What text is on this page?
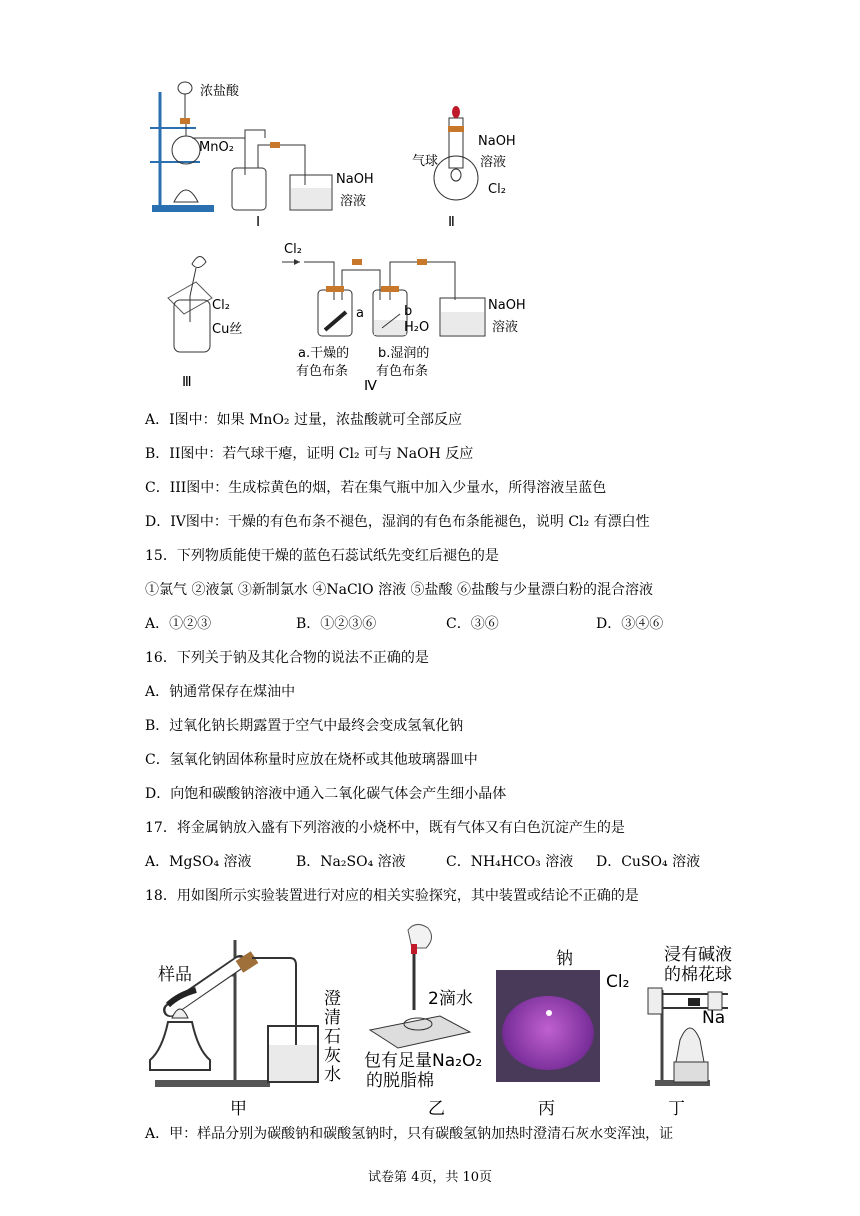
浓盐酸
MnO₂
NaOH
溶液
Ⅰ
气球
NaOH
溶液
Cl₂
Ⅱ
Cl₂
Cu丝
Ⅲ
Cl₂
a	b
H₂O
NaOH
溶液
a.干燥的
有色布条
b.湿润的
有色布条
Ⅳ
A．I图中：如果 MnO₂ 过量，浓盐酸就可全部反应
B．II图中：若气球干瘪，证明 Cl₂ 可与 NaOH 反应
C．III图中：生成棕黄色的烟，若在集气瓶中加入少量水，所得溶液呈蓝色
D．IV图中：干燥的有色布条不褪色，湿润的有色布条能褪色，说明 Cl₂ 有漂白性
15．下列物质能使干燥的蓝色石蕊试纸先变红后褪色的是
①氯气 ②液氯 ③新制氯水 ④NaClO 溶液 ⑤盐酸 ⑥盐酸与少量漂白粉的混合溶液
A．①②③	B．①②③⑥	C．③⑥	D．③④⑥
16．下列关于钠及其化合物的说法不正确的是
A．钠通常保存在煤油中
B．过氧化钠长期露置于空气中最终会变成氢氧化钠
C．氢氧化钠固体称量时应放在烧杯或其他玻璃器皿中
D．向饱和碳酸钠溶液中通入二氧化碳气体会产生细小晶体
17．将金属钠放入盛有下列溶液的小烧杯中，既有气体又有白色沉淀产生的是
A．MgSO₄ 溶液	B．Na₂SO₄ 溶液	C．NH₄HCO₃ 溶液 D．CuSO₄ 溶液
18．用如图所示实验装置进行对应的相关实验探究，其中装置或结论不正确的是
样品
澄
清
石
灰
水
2滴水
包有足量Na₂O₂
的脱脂棉
钠
Cl₂
浸有碱液
的棉花球
Na
甲	乙	丙	丁
A．甲：样品分别为碳酸钠和碳酸氢钠时，只有碳酸氢钠加热时澄清石灰水变浑浊，证
试卷第 4页，共 10页
